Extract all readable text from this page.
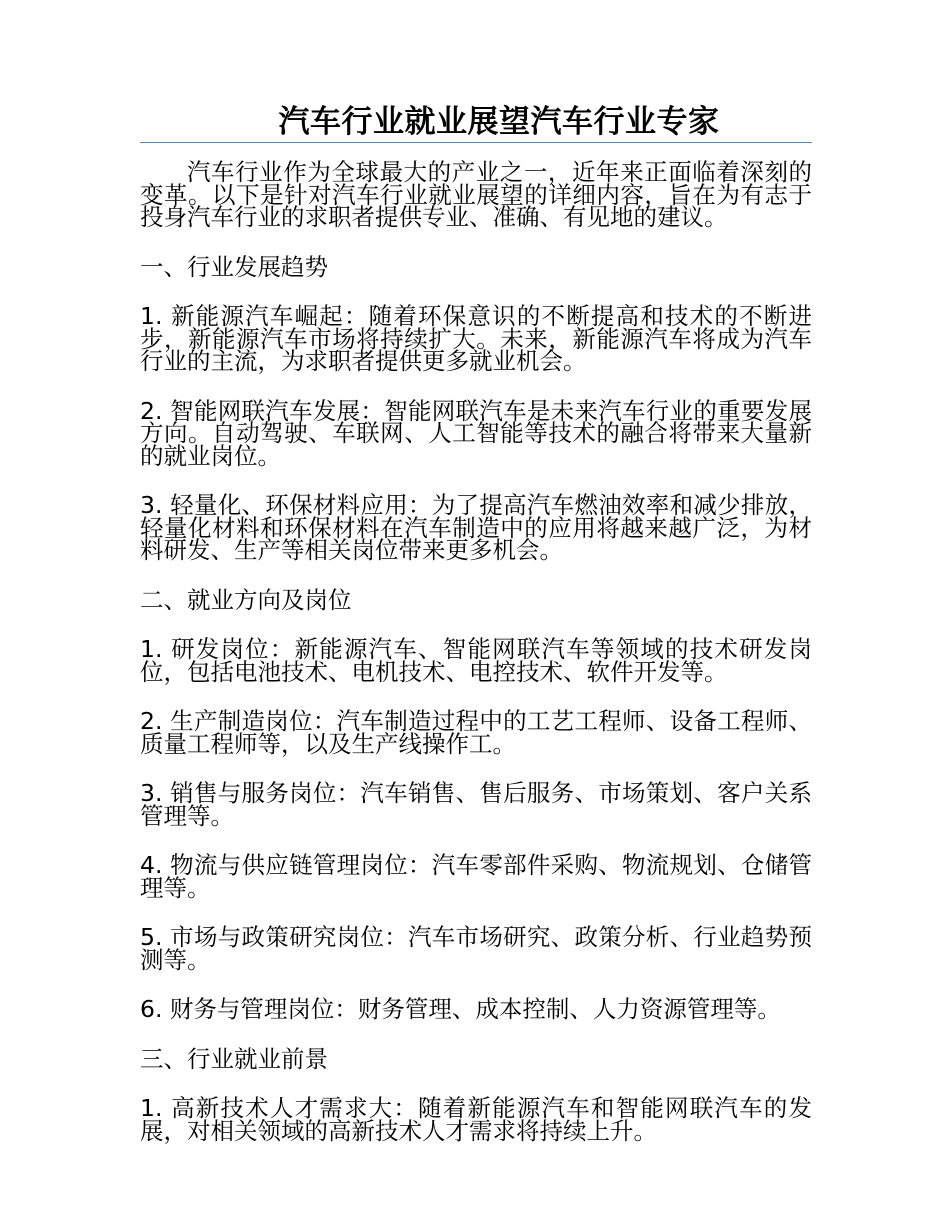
汽车行业就业展望汽车行业专家

汽车行业作为全球最大的产业之一，近年来正面临着深刻的变革。以下是针对汽车行业就业展望的详细内容，旨在为有志于投身汽车行业的求职者提供专业、准确、有见地的建议。

一、行业发展趋势

1. 新能源汽车崛起：随着环保意识的不断提高和技术的不断进步，新能源汽车市场将持续扩大。未来，新能源汽车将成为汽车行业的主流，为求职者提供更多就业机会。

2. 智能网联汽车发展：智能网联汽车是未来汽车行业的重要发展方向。自动驾驶、车联网、人工智能等技术的融合将带来大量新的就业岗位。

3. 轻量化、环保材料应用：为了提高汽车燃油效率和减少排放，轻量化材料和环保材料在汽车制造中的应用将越来越广泛，为材料研发、生产等相关岗位带来更多机会。

二、就业方向及岗位

1. 研发岗位：新能源汽车、智能网联汽车等领域的技术研发岗位，包括电池技术、电机技术、电控技术、软件开发等。

2. 生产制造岗位：汽车制造过程中的工艺工程师、设备工程师、质量工程师等，以及生产线操作工。

3. 销售与服务岗位：汽车销售、售后服务、市场策划、客户关系管理等。

4. 物流与供应链管理岗位：汽车零部件采购、物流规划、仓储管理等。

5. 市场与政策研究岗位：汽车市场研究、政策分析、行业趋势预测等。

6. 财务与管理岗位：财务管理、成本控制、人力资源管理等。

三、行业就业前景

1. 高新技术人才需求大：随着新能源汽车和智能网联汽车的发展，对相关领域的高新技术人才需求将持续上升。
